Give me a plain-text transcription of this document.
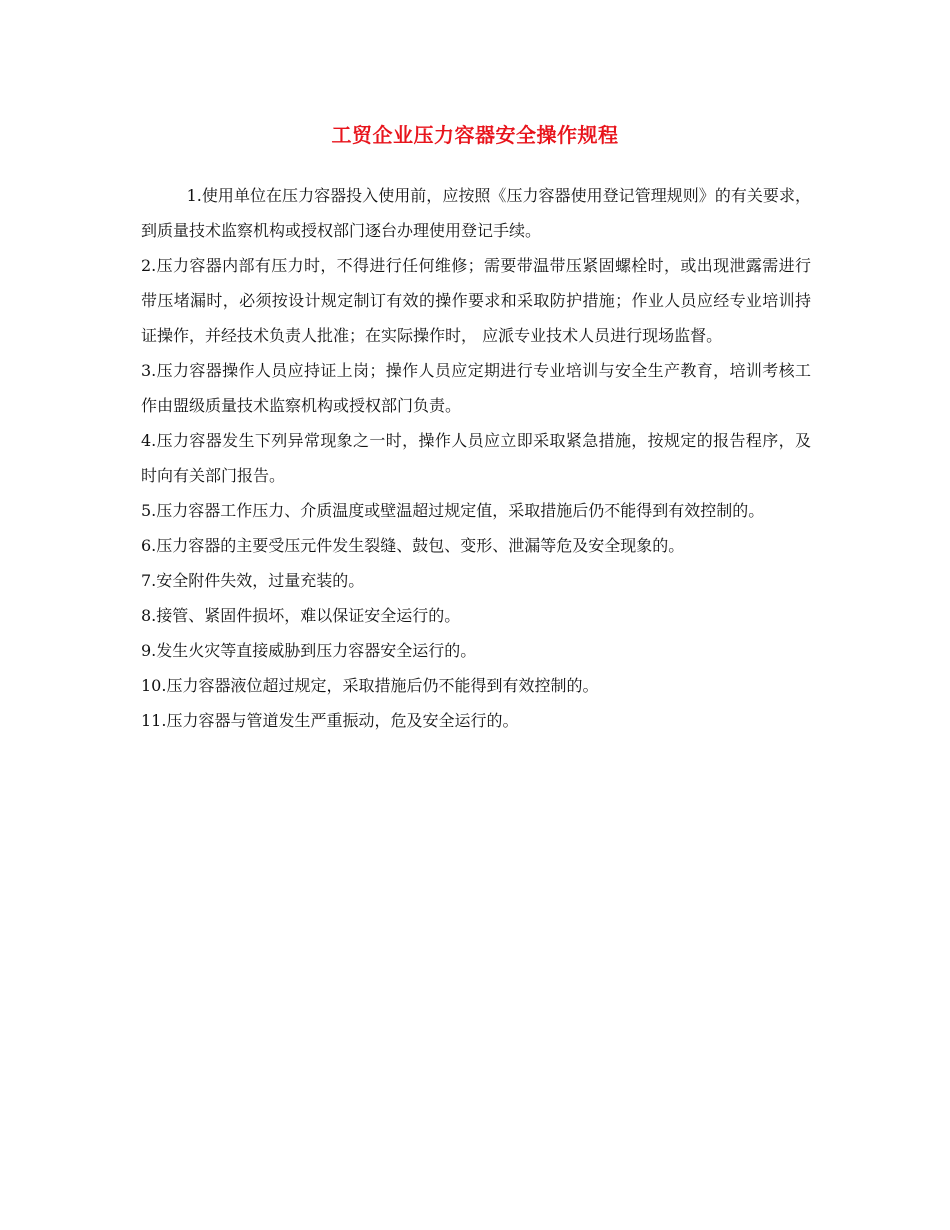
工贸企业压力容器安全操作规程

1.使用单位在压力容器投入使用前，应按照《压力容器使用登记管理规则》的有关要求，到质量技术监察机构或授权部门逐台办理使用登记手续。

2.压力容器内部有压力时，不得进行任何维修；需要带温带压紧固螺栓时，或出现泄露需进行带压堵漏时，必须按设计规定制订有效的操作要求和采取防护措施；作业人员应经专业培训持证操作，并经技术负责人批准；在实际操作时， 应派专业技术人员进行现场监督。

3.压力容器操作人员应持证上岗；操作人员应定期进行专业培训与安全生产教育，培训考核工作由盟级质量技术监察机构或授权部门负责。

4.压力容器发生下列异常现象之一时，操作人员应立即采取紧急措施，按规定的报告程序，及时向有关部门报告。

5.压力容器工作压力、介质温度或壁温超过规定值，采取措施后仍不能得到有效控制的。

6.压力容器的主要受压元件发生裂缝、鼓包、变形、泄漏等危及安全现象的。

7.安全附件失效，过量充装的。

8.接管、紧固件损坏，难以保证安全运行的。

9.发生火灾等直接威胁到压力容器安全运行的。

10.压力容器液位超过规定，采取措施后仍不能得到有效控制的。

11.压力容器与管道发生严重振动，危及安全运行的。
